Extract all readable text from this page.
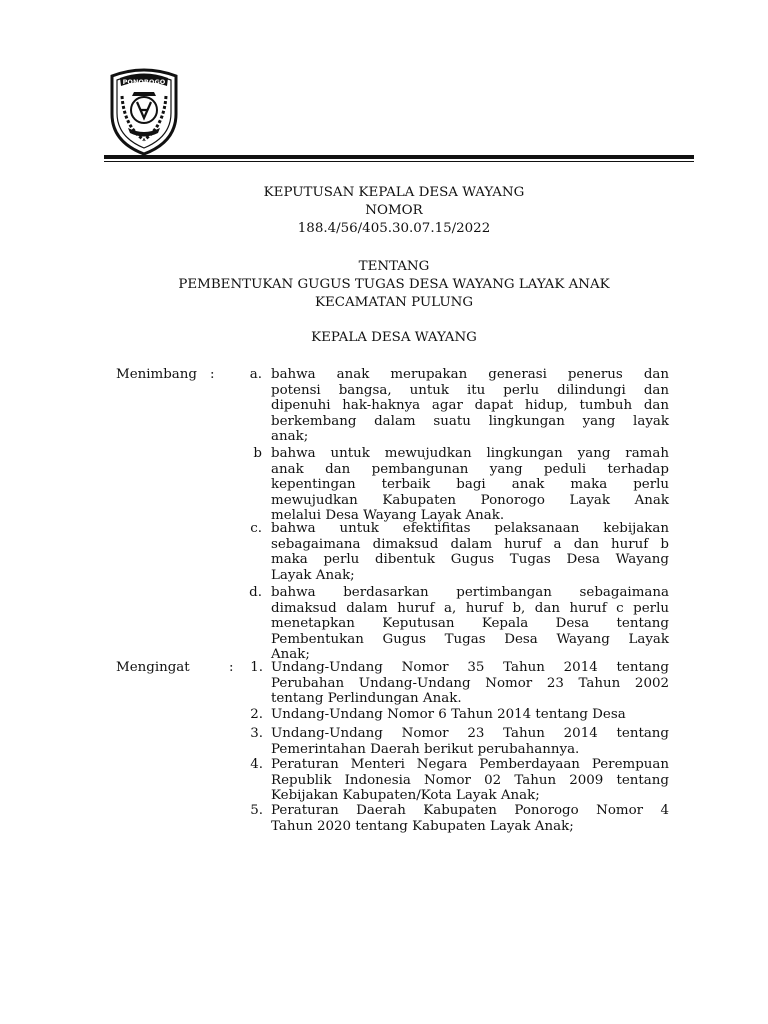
PONOROGO
KEPUTUSAN KEPALA DESA WAYANG
NOMOR
188.4/56/405.30.07.15/2022
TENTANG
PEMBENTUKAN GUGUS TUGAS DESA WAYANG LAYAK ANAK
KECAMATAN PULUNG
KEPALA DESA WAYANG
Menimbang :
Mengingat	:
a. bahwa anak merupakan generasi penerus dan
potensi bangsa, untuk itu perlu dilindungi dan
dipenuhi hak-haknya agar dapat hidup, tumbuh dan
berkembang dalam suatu lingkungan yang layak
anak;
b bahwa untuk mewujudkan lingkungan yang ramah
anak dan pembangunan yang peduli terhadap
kepentingan terbaik bagi anak maka perlu
mewujudkan Kabupaten Ponorogo Layak Anak
melalui Desa Wayang Layak Anak.
c. bahwa untuk efektifitas pelaksanaan kebijakan
sebagaimana dimaksud dalam huruf a dan huruf b
maka perlu dibentuk Gugus Tugas Desa Wayang
Layak Anak;
d. bahwa berdasarkan pertimbangan sebagaimana
dimaksud dalam huruf a, huruf b, dan huruf c perlu
menetapkan Keputusan Kepala Desa tentang
Pembentukan Gugus Tugas Desa Wayang Layak
Anak;
1. Undang-Undang Nomor 35 Tahun 2014 tentang
Perubahan Undang-Undang Nomor 23 Tahun 2002
tentang Perlindungan Anak.
2. Undang-Undang Nomor 6 Tahun 2014 tentang Desa
3. Undang-Undang Nomor 23 Tahun 2014 tentang
Pemerintahan Daerah berikut perubahannya.
4. Peraturan Menteri Negara Pemberdayaan Perempuan
Republik Indonesia Nomor 02 Tahun 2009 tentang
Kebijakan Kabupaten/Kota Layak Anak;
5. Peraturan Daerah Kabupaten Ponorogo Nomor 4
Tahun 2020 tentang Kabupaten Layak Anak;
